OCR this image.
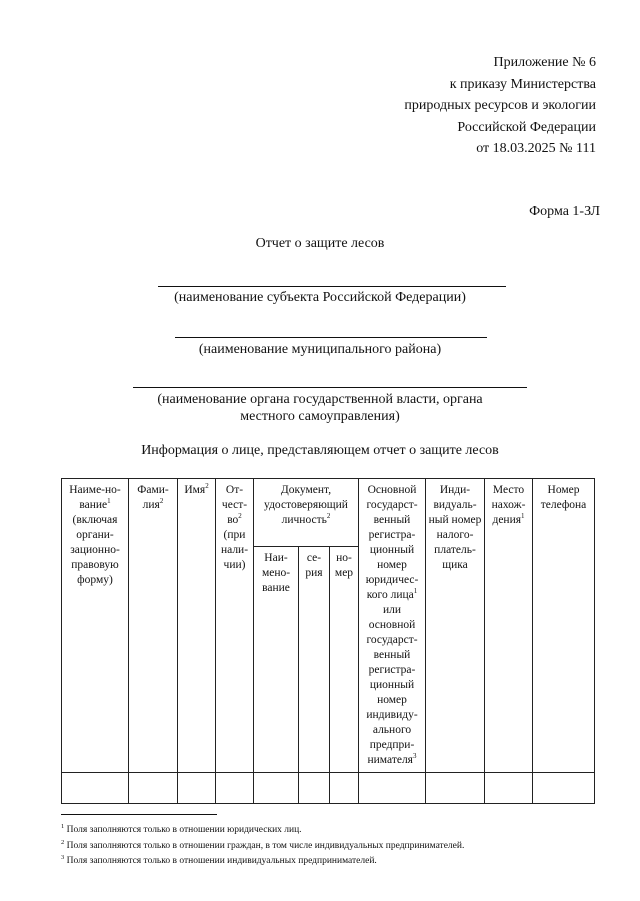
Приложение № 6
к приказу Министерства
природных ресурсов и экологии
Российской Федерации
от 18.03.2025 № 111
Форма 1-ЗЛ
Отчет о защите лесов
(наименование субъекта Российской Федерации)
(наименование муниципального района)
(наименование органа государственной власти, органа
местного самоуправления)
Информация о лице, представляющем отчет о защите лесов
Наиме-но-вание$^1$ (включая органи-зационно-правовую форму)	Фами-лия$^2$	Имя$^2$	$От-чест-во^2$ (при нали-чии)	Документ, удостоверяющий личность$^2$			Основной государст-венный регистра-ционный номер юридичес-кого лица$^1$ или основной государст-венный регистра-ционный номер индивиду-ального предпри-нимателя$^3$	Инди-видуаль-ный номер налого-платель-щика	Место нахож-дения$^1$	Номер телефона
				Наи-мено-вание	се-рия	но-мер				

$^1$ Поля заполняются только в отношении юридических лиц.
$^2$ Поля заполняются только в отношении граждан, в том числе индивидуальных предпринимателей.
$^3$ Поля заполняются только в отношении индивидуальных предпринимателей.
